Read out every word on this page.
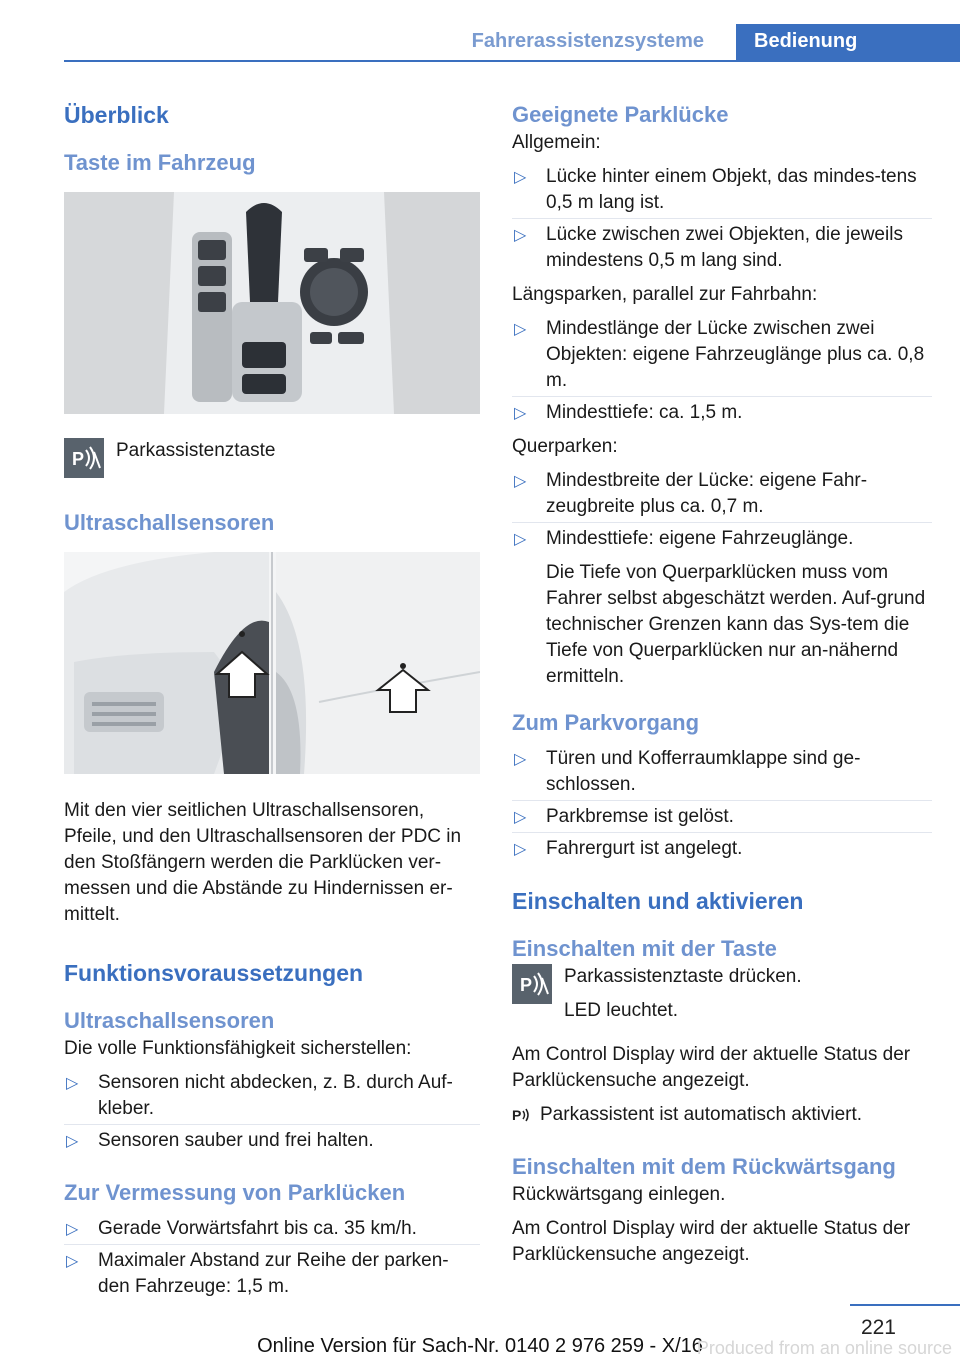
Fahrerassistenzsysteme	Bedienung
Überblick
Taste im Fahrzeug
P Parkassistenztaste

Ultraschallsensoren

Mit den vier seitlichen Ultraschallsensoren, Pfeile, und den Ultraschallsensoren der PDC in den Stoßfängern werden die Parklücken ver-messen und die Abstände zu Hindernissen er-mittelt.

Funktionsvoraussetzungen
Ultraschallsensoren

Die volle Funktionsfähigkeit sicherstellen:

▷ Sensoren nicht abdecken, z. B. durch Auf-kleber.
▷ Sensoren sauber und frei halten.
Zur Vermessung von Parklücken
▷ Gerade Vorwärtsfahrt bis ca. 35 km/h.
▷ Maximaler Abstand zur Reihe der parken-den Fahrzeuge: 1,5 m.
Geeignete Parklücke

Allgemein:

▷ Lücke hinter einem Objekt, das mindes-tens 0,5 m lang ist.
▷ Lücke zwischen zwei Objekten, die jeweils mindestens 0,5 m lang sind.

Längsparken, parallel zur Fahrbahn:

▷ Mindestlänge der Lücke zwischen zwei Objekten: eigene Fahrzeuglänge plus ca. 0,8 m.
▷ Mindesttiefe: ca. 1,5 m.

Querparken:

▷ Mindestbreite der Lücke: eigene Fahr-zeugbreite plus ca. 0,7 m.
▷ Mindesttiefe: eigene Fahrzeuglänge.
Die Tiefe von Querparklücken muss vom Fahrer selbst abgeschätzt werden. Auf-grund technischer Grenzen kann das Sys-tem die Tiefe von Querparklücken nur an-nähernd ermitteln.
Zum Parkvorgang
▷ Türen und Kofferraumklappe sind ge-schlossen.
▷ Parkbremse ist gelöst.
▷ Fahrergurt ist angelegt.
Einschalten und aktivieren
Einschalten mit der Taste
P Parkassistenztaste drücken.

LED leuchtet.

Am Control Display wird der aktuelle Status der Parklückensuche angezeigt.

P Parkassistent ist automatisch aktiviert.

Einschalten mit dem Rückwärtsgang

Rückwärtsgang einlegen.

Am Control Display wird der aktuelle Status der Parklückensuche angezeigt.

221
Online Version für Sach-Nr. 0140 2 976 259 - X/16
Produced from an online source
